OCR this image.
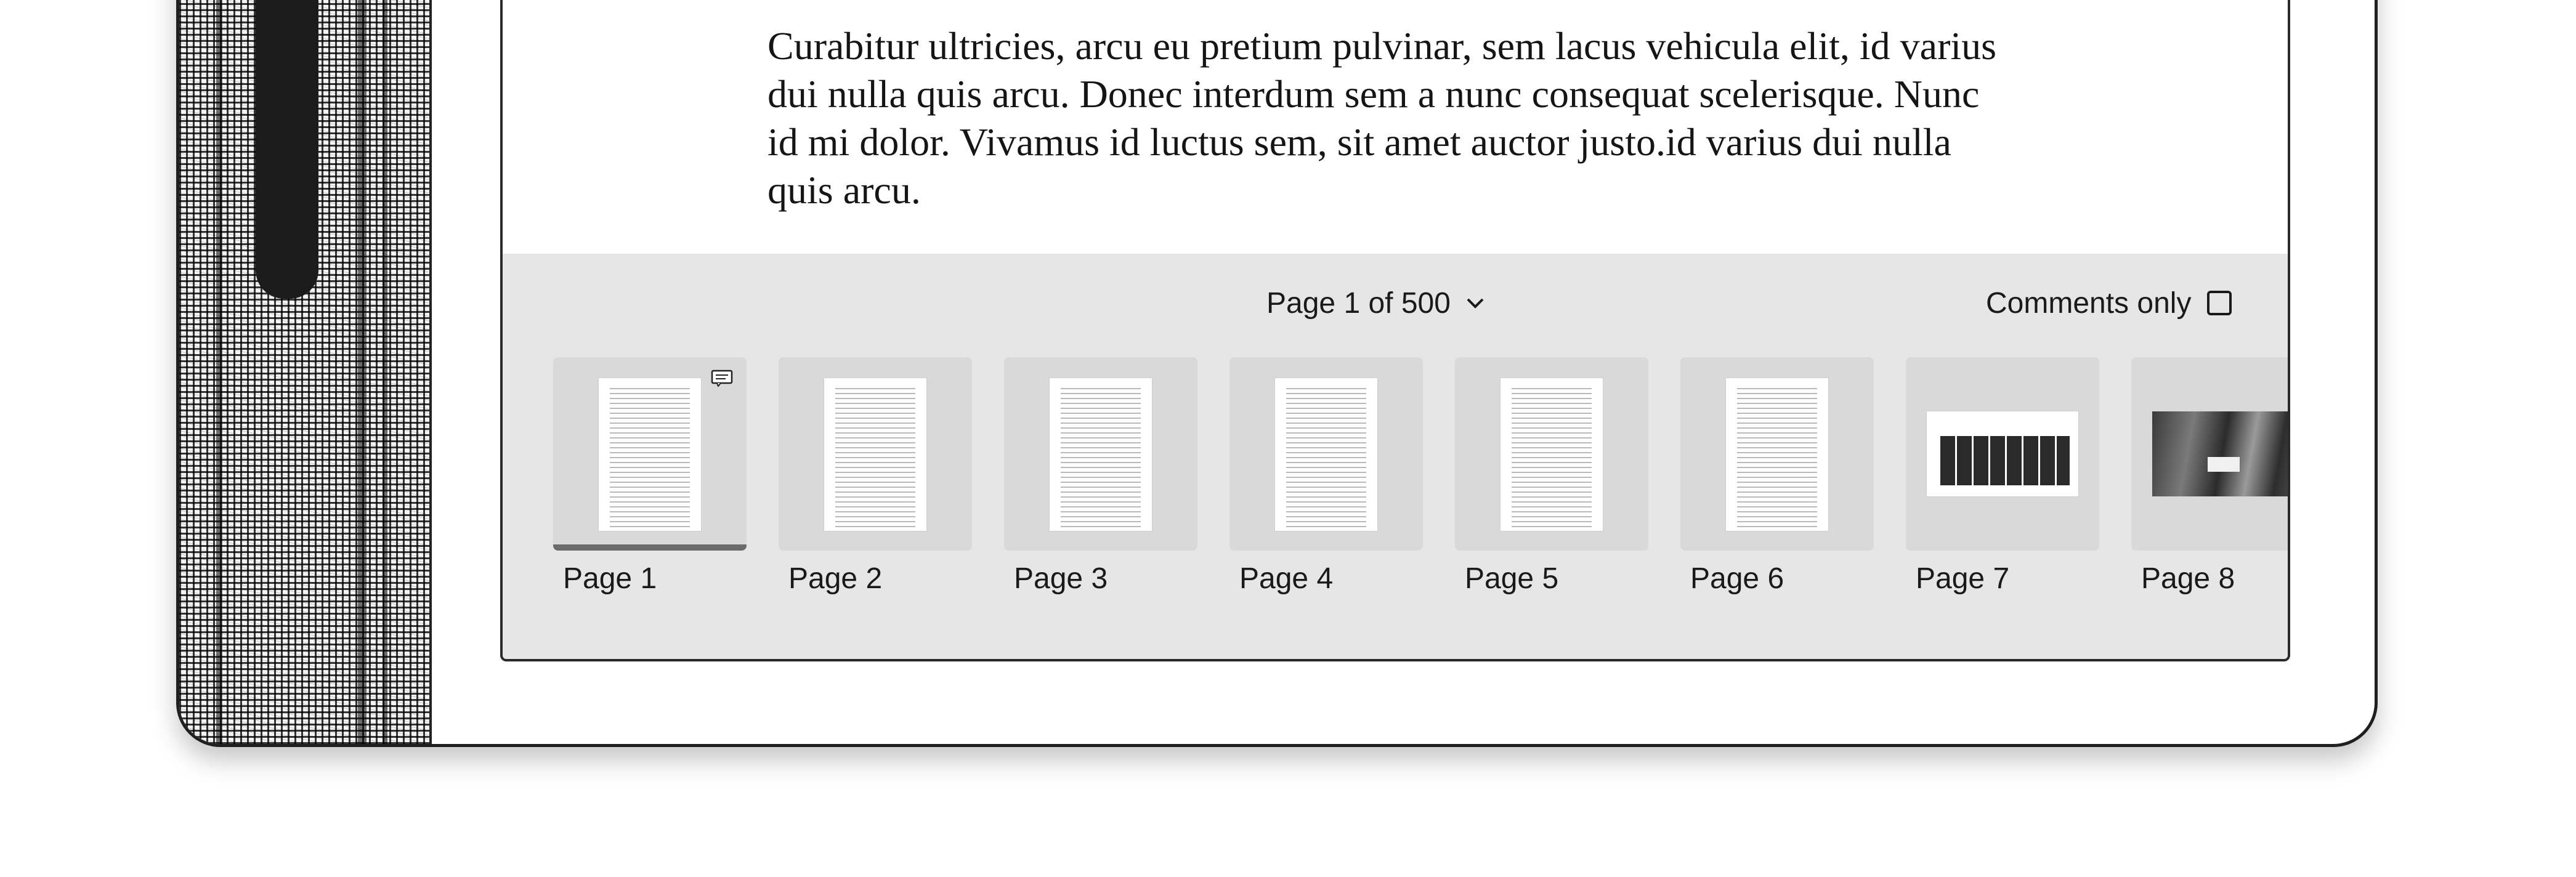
Curabitur ultricies, arcu eu pretium pulvinar, sem lacus vehicula elit, id varius dui nulla quis arcu. Donec interdum sem a nunc consequat scelerisque. Nunc id mi dolor. Vivamus id luctus sem, sit amet auctor justo.id varius dui nulla quis arcu.

Page 1 of 500	Comments only
Page 1	Page 2	Page 3	Page 4	Page 5	Page 6	Page 7	Page 8
